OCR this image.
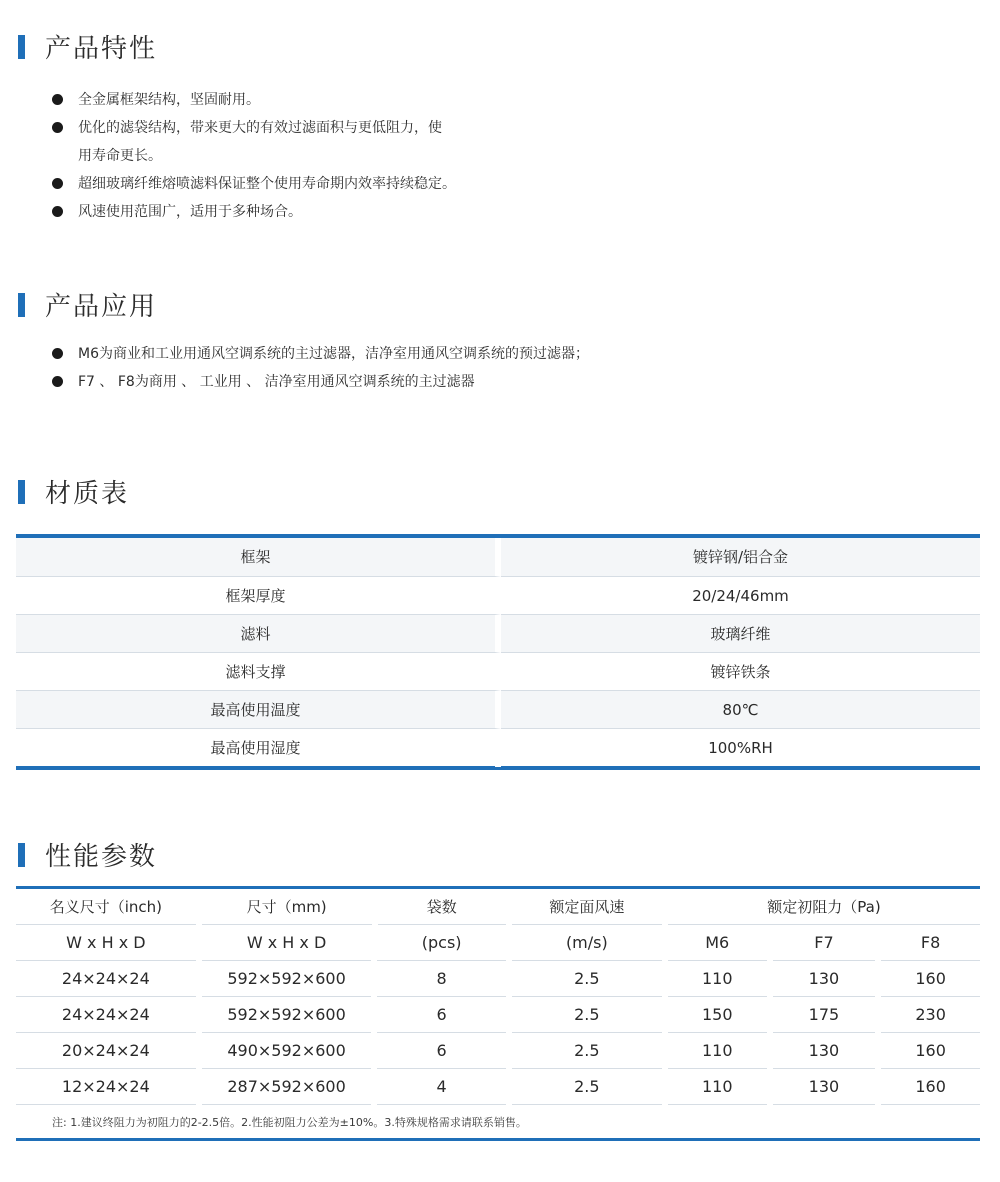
产品特性
全金属框架结构，坚固耐用。
优化的滤袋结构，带来更大的有效过滤面积与更低阻力，使
用寿命更长。
超细玻璃纤维熔喷滤料保证整个使用寿命期内效率持续稳定。
风速使用范围广，适用于多种场合。
产品应用
M6为商业和工业用通风空调系统的主过滤器，洁净室用通风空调系统的预过滤器；
F7 、 F8为商用 、 工业用 、 洁净室用通风空调系统的主过滤器
材质表
框架	镀锌钢/铝合金
框架厚度	20/24/46mm
滤料	玻璃纤维
滤料支撑	镀锌铁条
最高使用温度	80℃
最高使用湿度	100%RH
性能参数
名义尺寸（inch)	尺寸（mm)	袋数	额定面风速	额定初阻力（Pa)
W x H x D	W x H x D	(pcs)	(m/s)	M6	F7	F8
24×24×24	592×592×600	8	2.5	110	130	160
24×24×24	592×592×600	6	2.5	150	175	230
20×24×24	490×592×600	6	2.5	110	130	160
12×24×24	287×592×600	4	2.5	110	130	160
注: 1.建议终阻力为初阻力的2-2.5倍。2.性能初阻力公差为±10%。3.特殊规格需求请联系销售。
